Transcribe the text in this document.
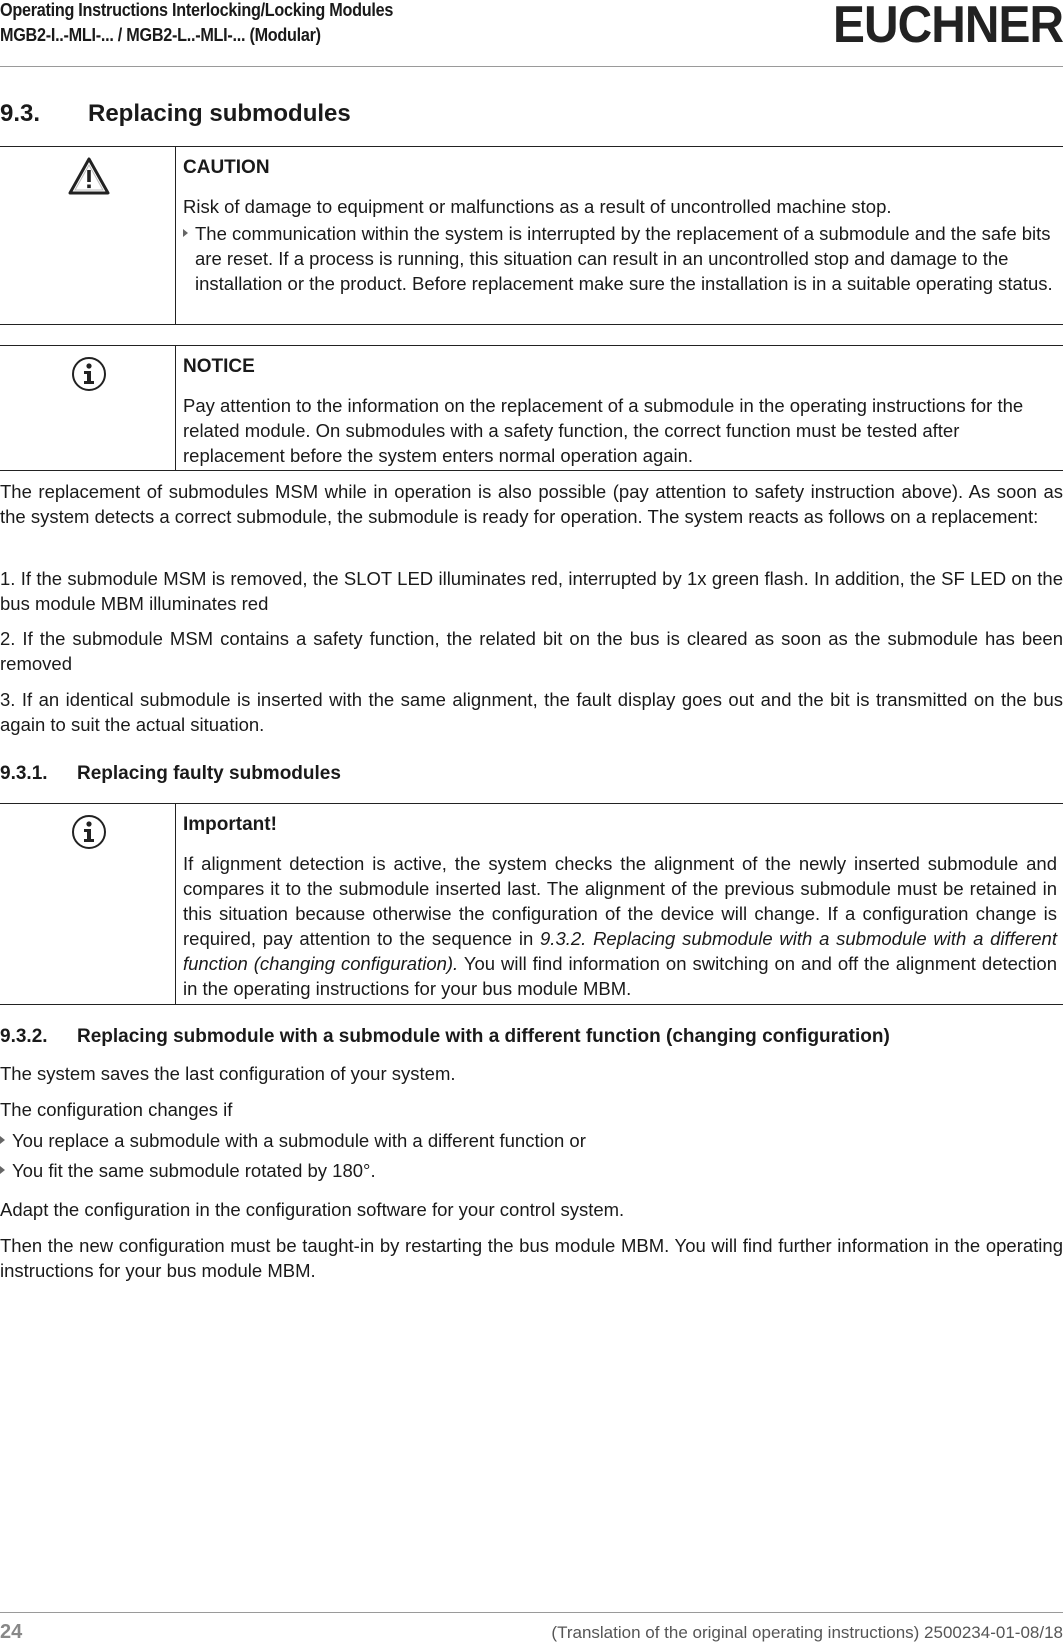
Operating Instructions Interlocking/Locking Modules
MGB2-I..-MLI-... / MGB2-L..-MLI-... (Modular)	EUCHNER
9.3. Replacing submodules
CAUTION

Risk of damage to equipment or malfunctions as a result of uncontrolled machine stop.

The communication within the system is interrupted by the replacement of a submodule and the safe bits are reset. If a process is running, this situation can result in an uncontrolled stop and damage to the installation or the product. Before replacement make sure the installation is in a suitable operating status.
NOTICE

Pay attention to the information on the replacement of a submodule in the operating instructions for the related module. On submodules with a safety function, the correct function must be tested after replacement before the system enters normal operation again.

The replacement of submodules MSM while in operation is also possible (pay attention to safety instruction above). As soon as the system detects a correct submodule, the submodule is ready for operation. The system reacts as follows on a replacement:
1. If the submodule MSM is removed, the SLOT LED illuminates red, interrupted by 1x green flash. In addition, the SF LED on the bus module MBM illuminates red
2. If the submodule MSM contains a safety function, the related bit on the bus is cleared as soon as the submodule has been removed
3. If an identical submodule is inserted with the same alignment, the fault display goes out and the bit is transmitted on the bus again to suit the actual situation.
9.3.1. Replacing faulty submodules
Important!

If alignment detection is active, the system checks the alignment of the newly inserted submodule and compares it to the submodule inserted last. The alignment of the previous submodule must be retained in this situation because otherwise the configuration of the device will change. If a configuration change is required, pay attention to the sequence in 9.3.2. Replacing submodule with a submodule with a different function (changing configuration). You will find information on switching on and off the alignment detection in the operating instructions for your bus module MBM.

9.3.2. Replacing submodule with a submodule with a different function (changing configuration)
The system saves the last configuration of your system.
The configuration changes if
You replace a submodule with a submodule with a different function or
You fit the same submodule rotated by 180°.
Adapt the configuration in the configuration software for your control system.
Then the new configuration must be taught-in by restarting the bus module MBM. You will find further information in the operating instructions for your bus module MBM.
24	(Translation of the original operating instructions) 2500234-01-08/18
